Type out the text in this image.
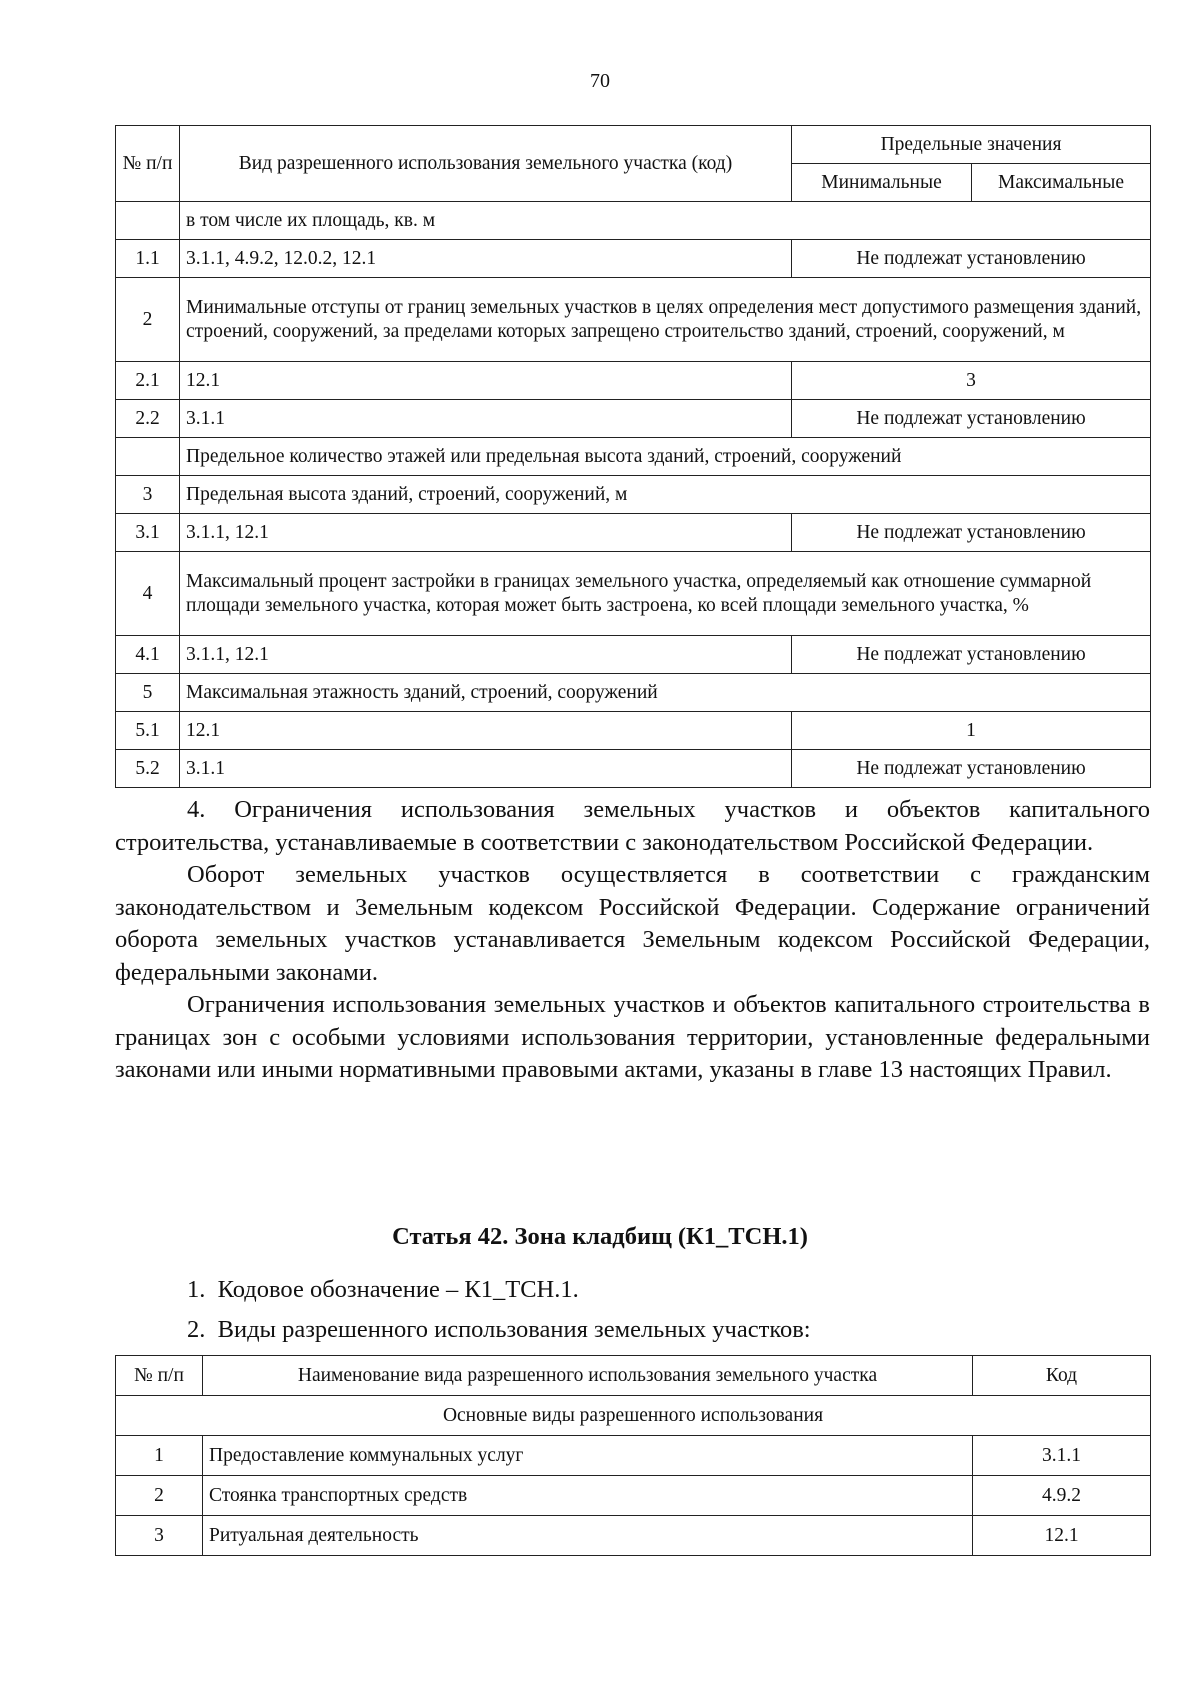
70
№ п/п	Вид разрешенного использования земельного участка (код)	Предельные значения	
		Минимальные	Максимальные
	в том числе их площадь, кв. м		
1.1	3.1.1, 4.9.2, 12.0.2, 12.1	Не подлежат установлению	
2	Минимальные отступы от границ земельных участков в целях определения мест допустимого размещения зданий, строений, сооружений, за пределами которых запрещено строительство зданий, строений, сооружений, м		
2.1	12.1	3	
2.2	3.1.1	Не подлежат установлению	
	Предельное количество этажей или предельная высота зданий, строений, сооружений		
3	Предельная высота зданий, строений, сооружений, м		
3.1	3.1.1, 12.1	Не подлежат установлению	
4	Максимальный процент застройки в границах земельного участка, определяемый как отношение суммарной площади земельного участка, которая может быть застроена, ко всей площади земельного участка, %		
4.1	3.1.1, 12.1	Не подлежат установлению	
5	Максимальная этажность зданий, строений, сооружений		
5.1	12.1	1	
5.2	3.1.1	Не подлежат установлению	

4. Ограничения использования земельных участков и объектов капитального строительства, устанавливаемые в соответствии с законодательством Российской Федерации.

Оборот земельных участков осуществляется в соответствии с гражданским законодательством и Земельным кодексом Российской Федерации. Содержание ограничений оборота земельных участков устанавливается Земельным кодексом Российской Федерации, федеральными законами.

Ограничения использования земельных участков и объектов капитального строительства в границах зон с особыми условиями использования территории, установленные федеральными законами или иными нормативными правовыми актами, указаны в главе 13 настоящих Правил.

Статья 42. Зона кладбищ (К1_ТСН.1)
1.  Кодовое обозначение – К1_ТСН.1.
2.  Виды разрешенного использования земельных участков:
№ п/п	Наименование вида разрешенного использования земельного участка	Код
Основные виды разрешенного использования		
1	Предоставление коммунальных услуг	3.1.1
2	Стоянка транспортных средств	4.9.2
3	Ритуальная деятельность	12.1
